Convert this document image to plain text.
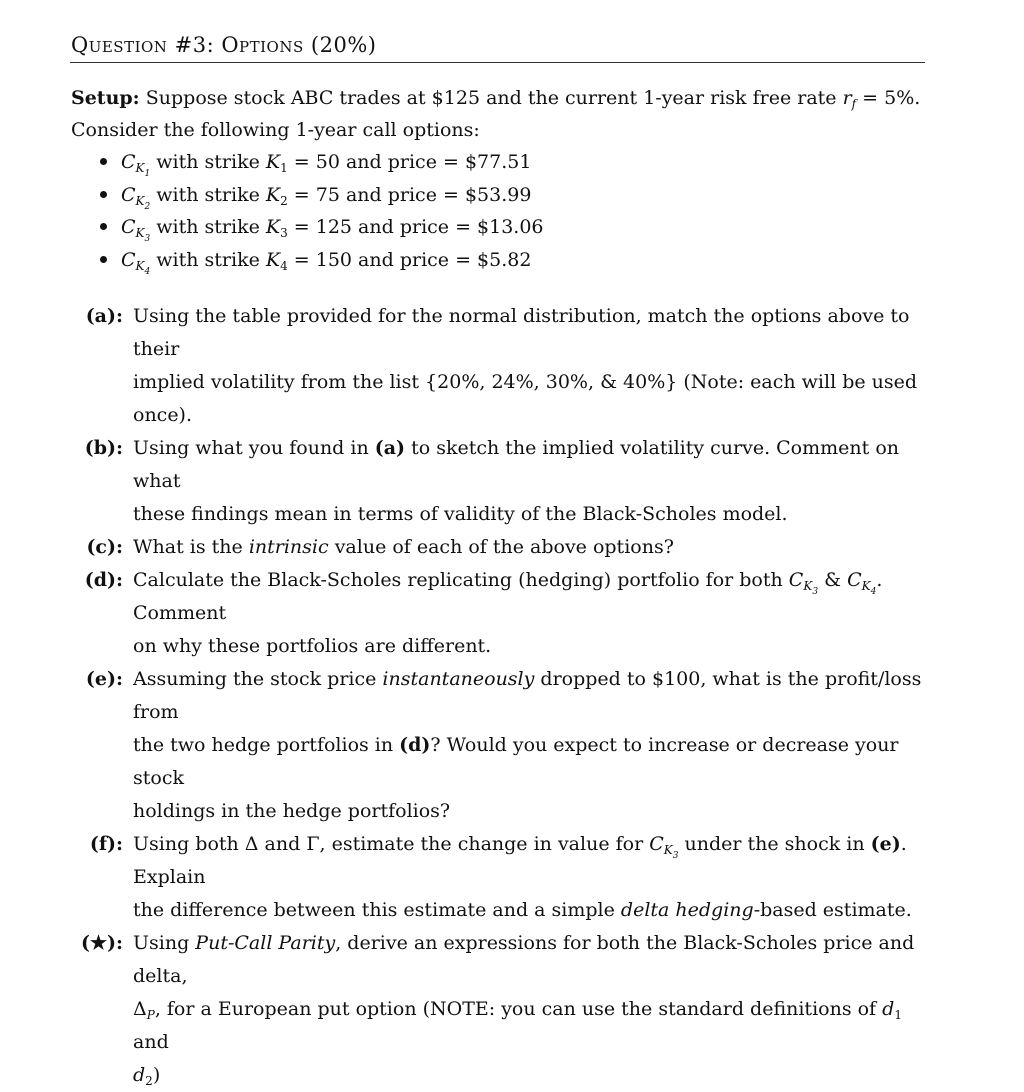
Question #3: Options (20%)
Setup: Suppose stock ABC trades at $125 and the current 1-year risk free rate $r_f = 5\%$.
Consider the following 1-year call options:
$C_{K_1}$ with strike $K_1 = 50$ and price = $77.51
$C_{K_2}$ with strike $K_2 = 75$ and price = $53.99
$C_{K_3}$ with strike $K_3 = 125$ and price = $13.06
$C_{K_4}$ with strike $K_4 = 150$ and price = $5.82
(a): Using the table provided for the normal distribution, match the options above to their
implied volatility from the list {20%, 24%, 30%, & 40%} (Note: each will be used once).
(b): Using what you found in (a) to sketch the implied volatility curve. Comment on what
these findings mean in terms of validity of the Black-Scholes model.
(c): What is the intrinsic value of each of the above options?
(d): Calculate the Black-Scholes replicating (hedging) portfolio for both $C_{K_3}$ & $C_{K_4}$. Comment
on why these portfolios are different.
(e): Assuming the stock price instantaneously dropped to $100, what is the profit/loss from
the two hedge portfolios in (d)? Would you expect to increase or decrease your stock
holdings in the hedge portfolios?
(f): Using both Δ and Γ, estimate the change in value for $C_{K_3}$ under the shock in (e). Explain
the difference between this estimate and a simple delta hedging-based estimate.
(★): Using Put-Call Parity, derive an expressions for both the Black-Scholes price and delta,
$\Delta_P$, for a European put option (NOTE: you can use the standard definitions of $d_1$ and
$d_2$)
